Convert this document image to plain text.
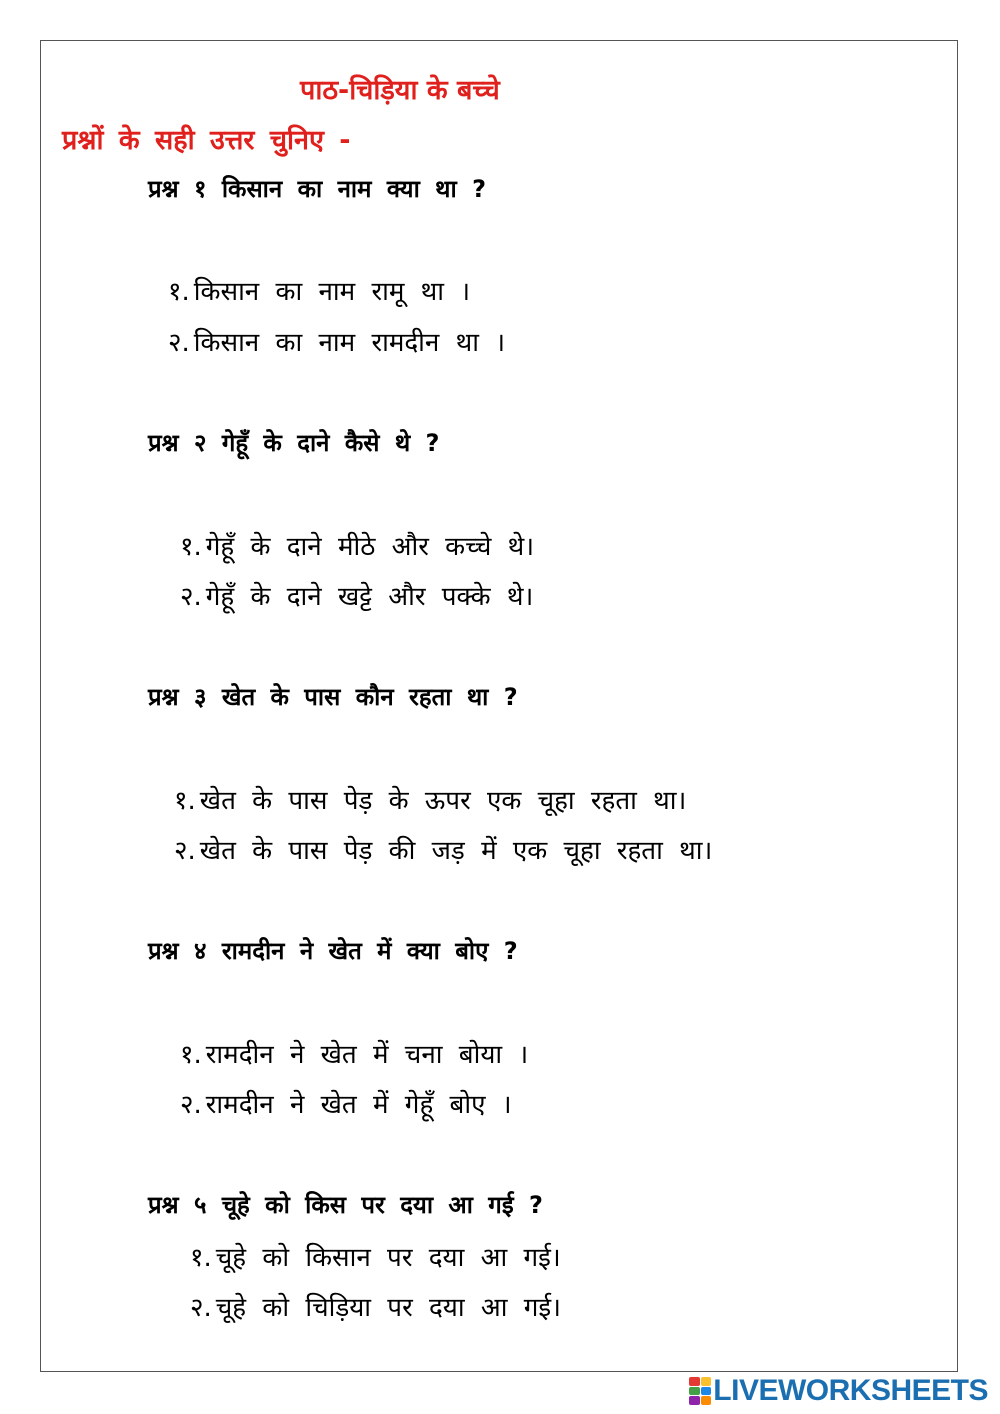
पाठ-चिड़िया के बच्चे
प्रश्नों के सही उत्तर चुनिए -
प्रश्न १ किसान का नाम क्या था ?
१. किसान का नाम रामू था ।
२. किसान का नाम रामदीन था ।
प्रश्न २ गेहूँ के दाने कैसे थे ?
१. गेहूँ के दाने मीठे और कच्चे थे।
२. गेहूँ के दाने खट्टे और पक्के थे।
प्रश्न ३ खेत के पास कौन रहता था ?
१. खेत के पास पेड़ के ऊपर एक चूहा रहता था।
२. खेत के पास पेड़ की जड़ में एक चूहा रहता था।
प्रश्न ४ रामदीन ने खेत में क्या बोए ?
१. रामदीन ने खेत में चना बोया ।
२. रामदीन ने खेत में गेहूँ बोए ।
प्रश्न ५ चूहे को किस पर दया आ गई ?
१. चूहे को किसान पर दया आ गई।
२. चूहे को चिड़िया पर दया आ गई।
LIVEWORKSHEETS
